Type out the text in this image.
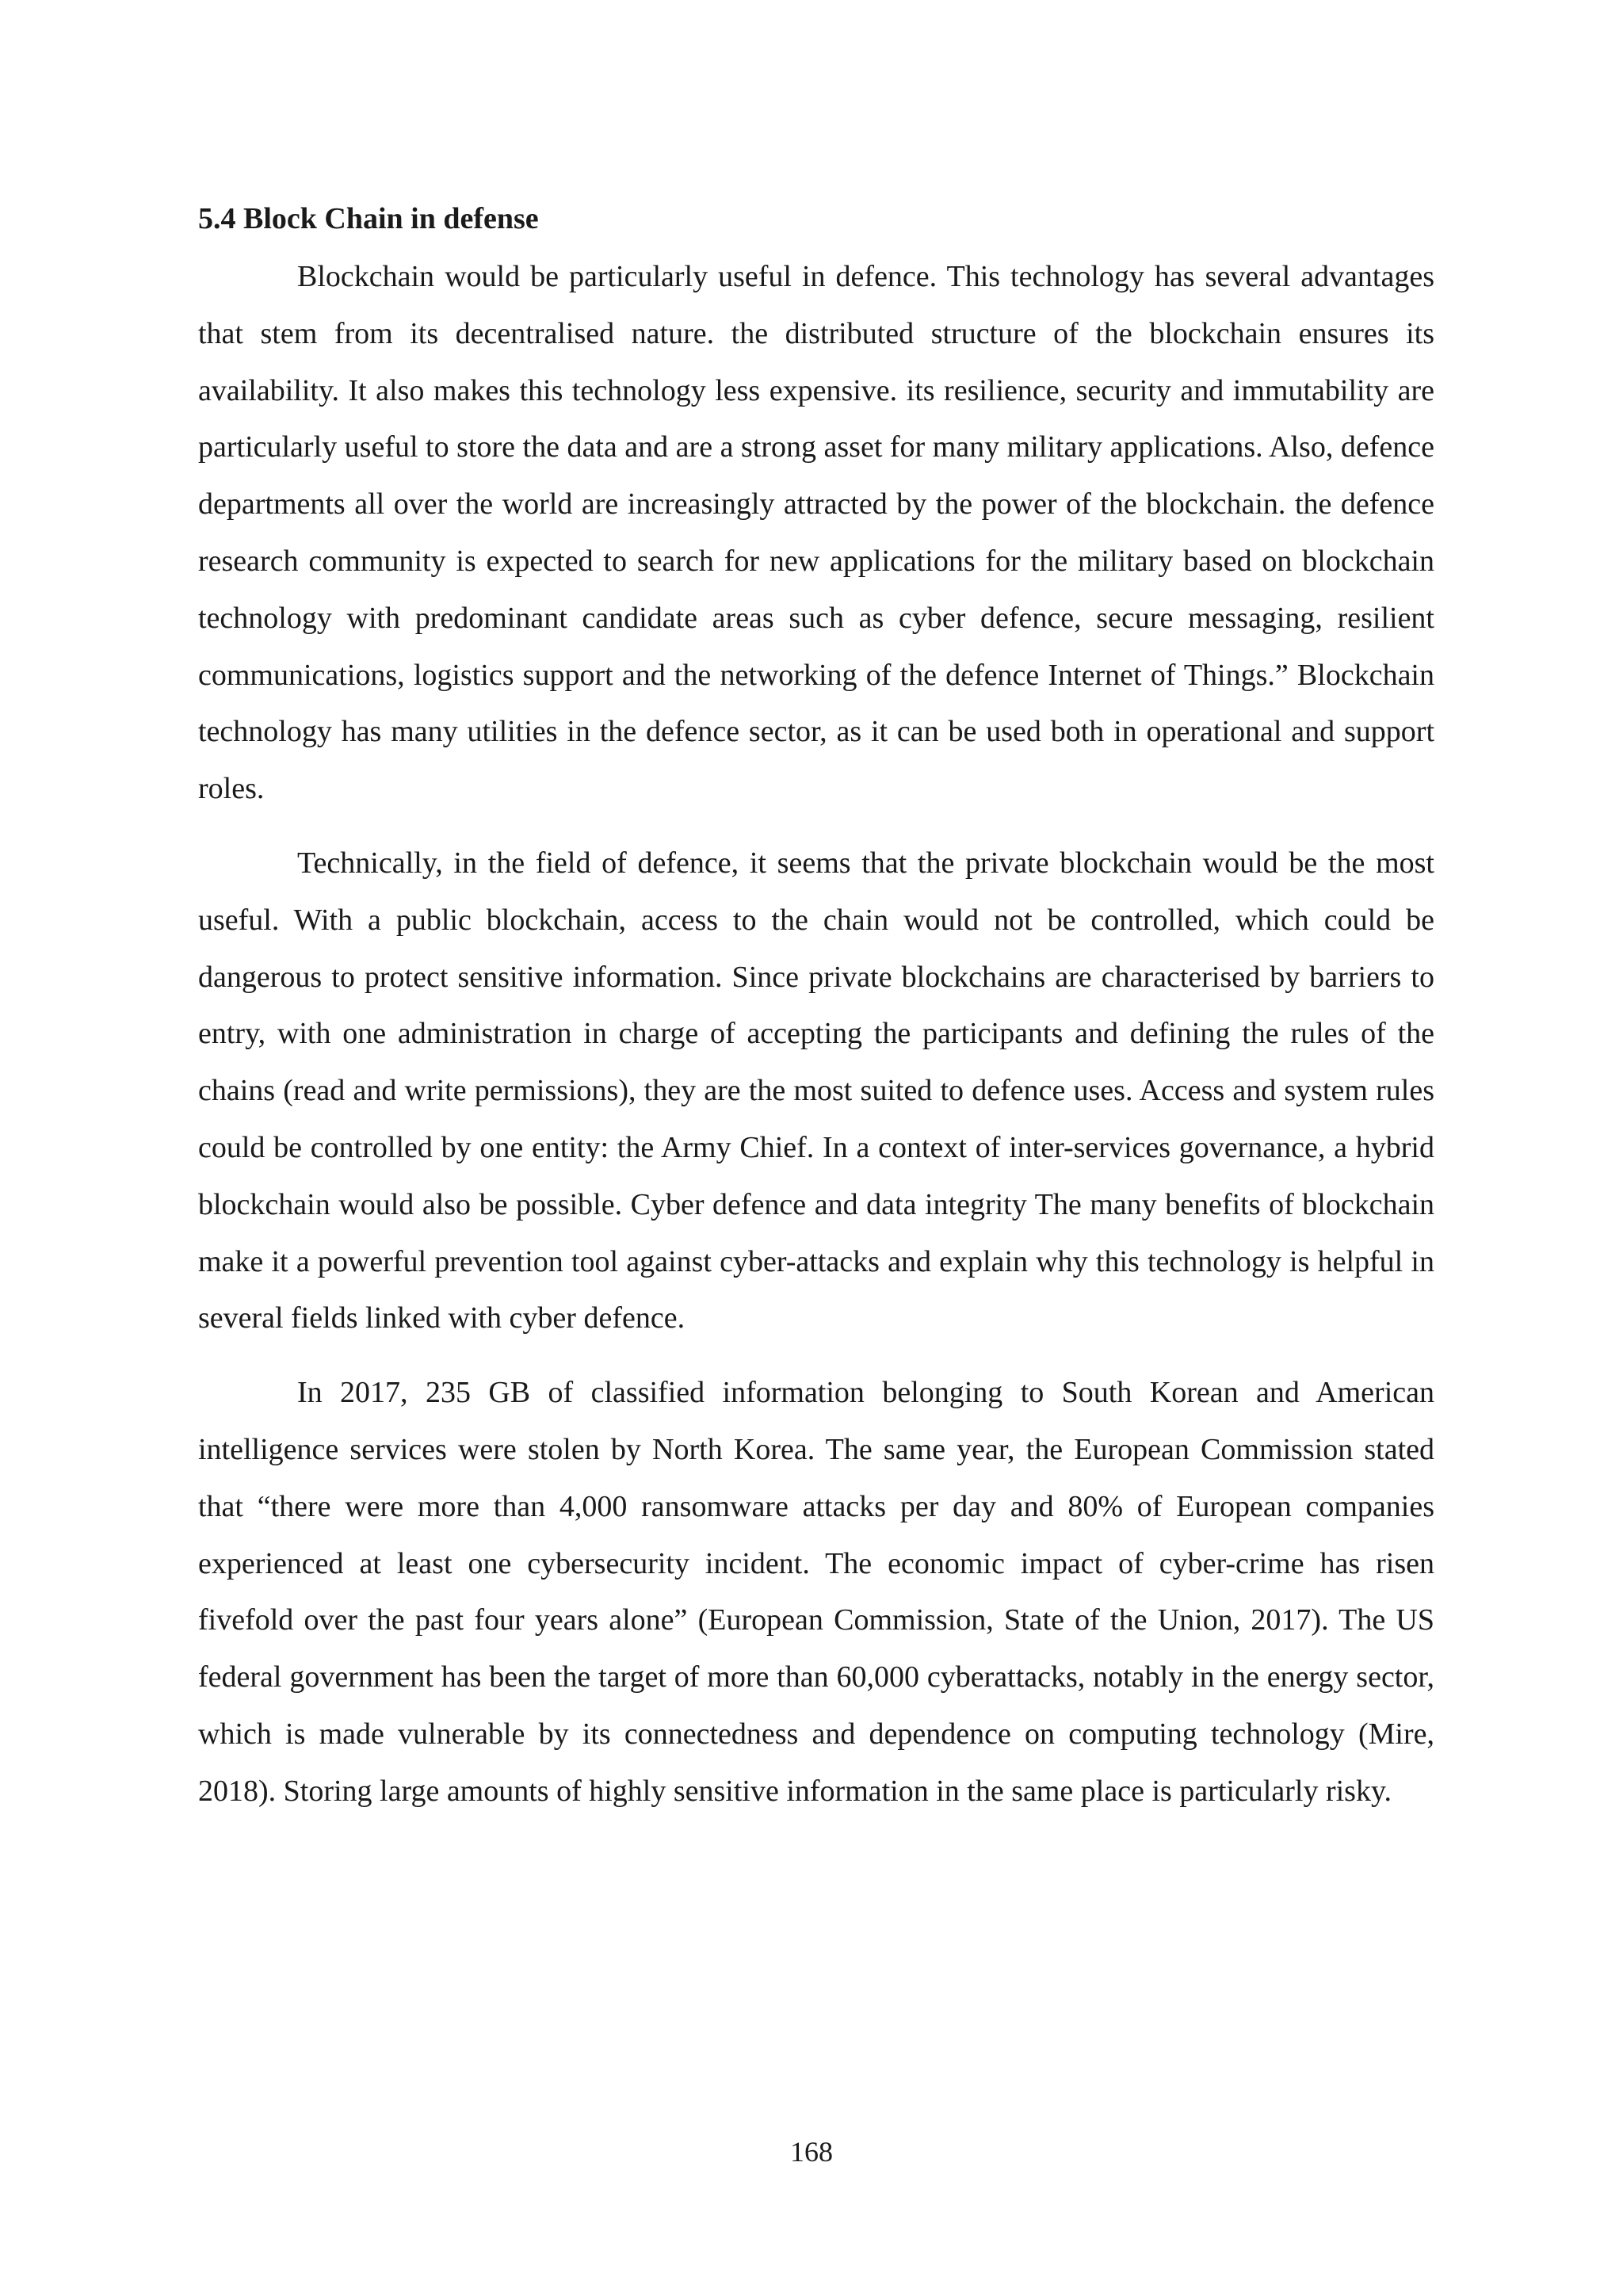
5.4 Block Chain in defense

Blockchain would be particularly useful in defence. This technology has several advantages that stem from its decentralised nature. the distributed structure of the blockchain ensures its availability. It also makes this technology less expensive. its resilience, security and immutability are particularly useful to store the data and are a strong asset for many military applications. Also, defence departments all over the world are increasingly attracted by the power of the blockchain. the defence research community is expected to search for new applications for the military based on blockchain technology with predominant candidate areas such as cyber defence, secure messaging, resilient communications, logistics support and the networking of the defence Internet of Things.” Blockchain technology has many utilities in the defence sector, as it can be used both in operational and support roles.

Technically, in the field of defence, it seems that the private blockchain would be the most useful. With a public blockchain, access to the chain would not be controlled, which could be dangerous to protect sensitive information. Since private blockchains are characterised by barriers to entry, with one administration in charge of accepting the participants and defining the rules of the chains (read and write permissions), they are the most suited to defence uses. Access and system rules could be controlled by one entity: the Army Chief. In a context of inter-services governance, a hybrid blockchain would also be possible. Cyber defence and data integrity The many benefits of blockchain make it a powerful prevention tool against cyber-attacks and explain why this technology is helpful in several fields linked with cyber defence.

In 2017, 235 GB of classified information belonging to South Korean and American intelligence services were stolen by North Korea. The same year, the European Commission stated that “there were more than 4,000 ransomware attacks per day and 80% of European companies experienced at least one cybersecurity incident. The economic impact of cyber-crime has risen fivefold over the past four years alone” (European Commission, State of the Union, 2017). The US federal government has been the target of more than 60,000 cyberattacks, notably in the energy sector, which is made vulnerable by its connectedness and dependence on computing technology (Mire, 2018). Storing large amounts of highly sensitive information in the same place is particularly risky.

168
